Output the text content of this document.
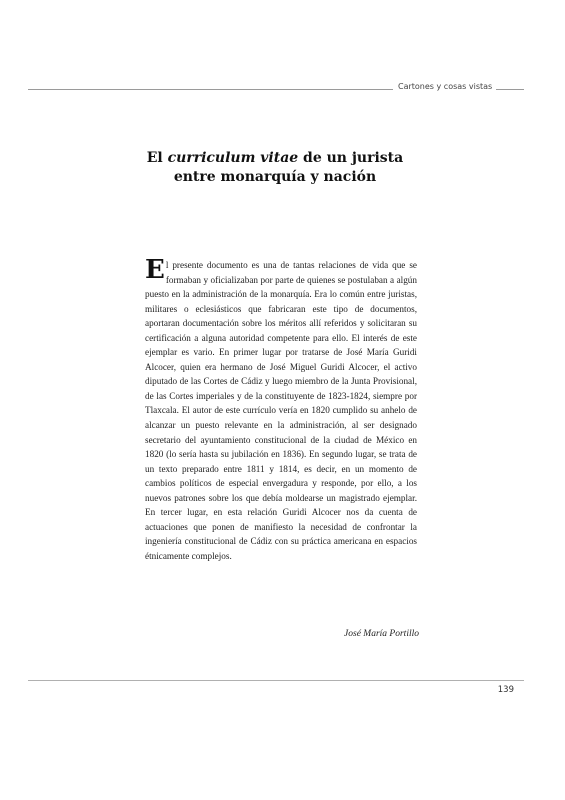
Cartones y cosas vistas
El curriculum vitae de un jurista
entre monarquía y nación
El presente documento es una de tantas relaciones de vida que se formaban y oficializaban por parte de quienes se postulaban a algún puesto en la administración de la monarquía. Era lo común entre juristas, militares o eclesiásticos que fabricaran este tipo de documentos, aportaran documentación sobre los méritos allí referidos y solicitaran su certificación a alguna autoridad competente para ello. El interés de este ejemplar es vario. En primer lugar por tratarse de José María Guridi Alcocer, quien era hermano de José Miguel Guridi Alcocer, el activo diputado de las Cortes de Cádiz y luego miembro de la Junta Provisional, de las Cortes imperiales y de la constituyente de 1823-1824, siempre por Tlaxcala. El autor de este currículo vería en 1820 cumplido su anhelo de alcanzar un puesto relevante en la administración, al ser designado secretario del ayuntamiento constitucional de la ciudad de México en 1820 (lo sería hasta su jubilación en 1836). En segundo lugar, se trata de un texto preparado entre 1811 y 1814, es decir, en un momento de cambios políticos de especial envergadura y responde, por ello, a los nuevos patrones sobre los que debía moldearse un magistrado ejemplar. En tercer lugar, en esta relación Guridi Alcocer nos da cuenta de actuaciones que ponen de manifiesto la necesidad de confrontar la ingeniería constitucional de Cádiz con su práctica americana en espacios étnicamente complejos.
José María Portillo
139
